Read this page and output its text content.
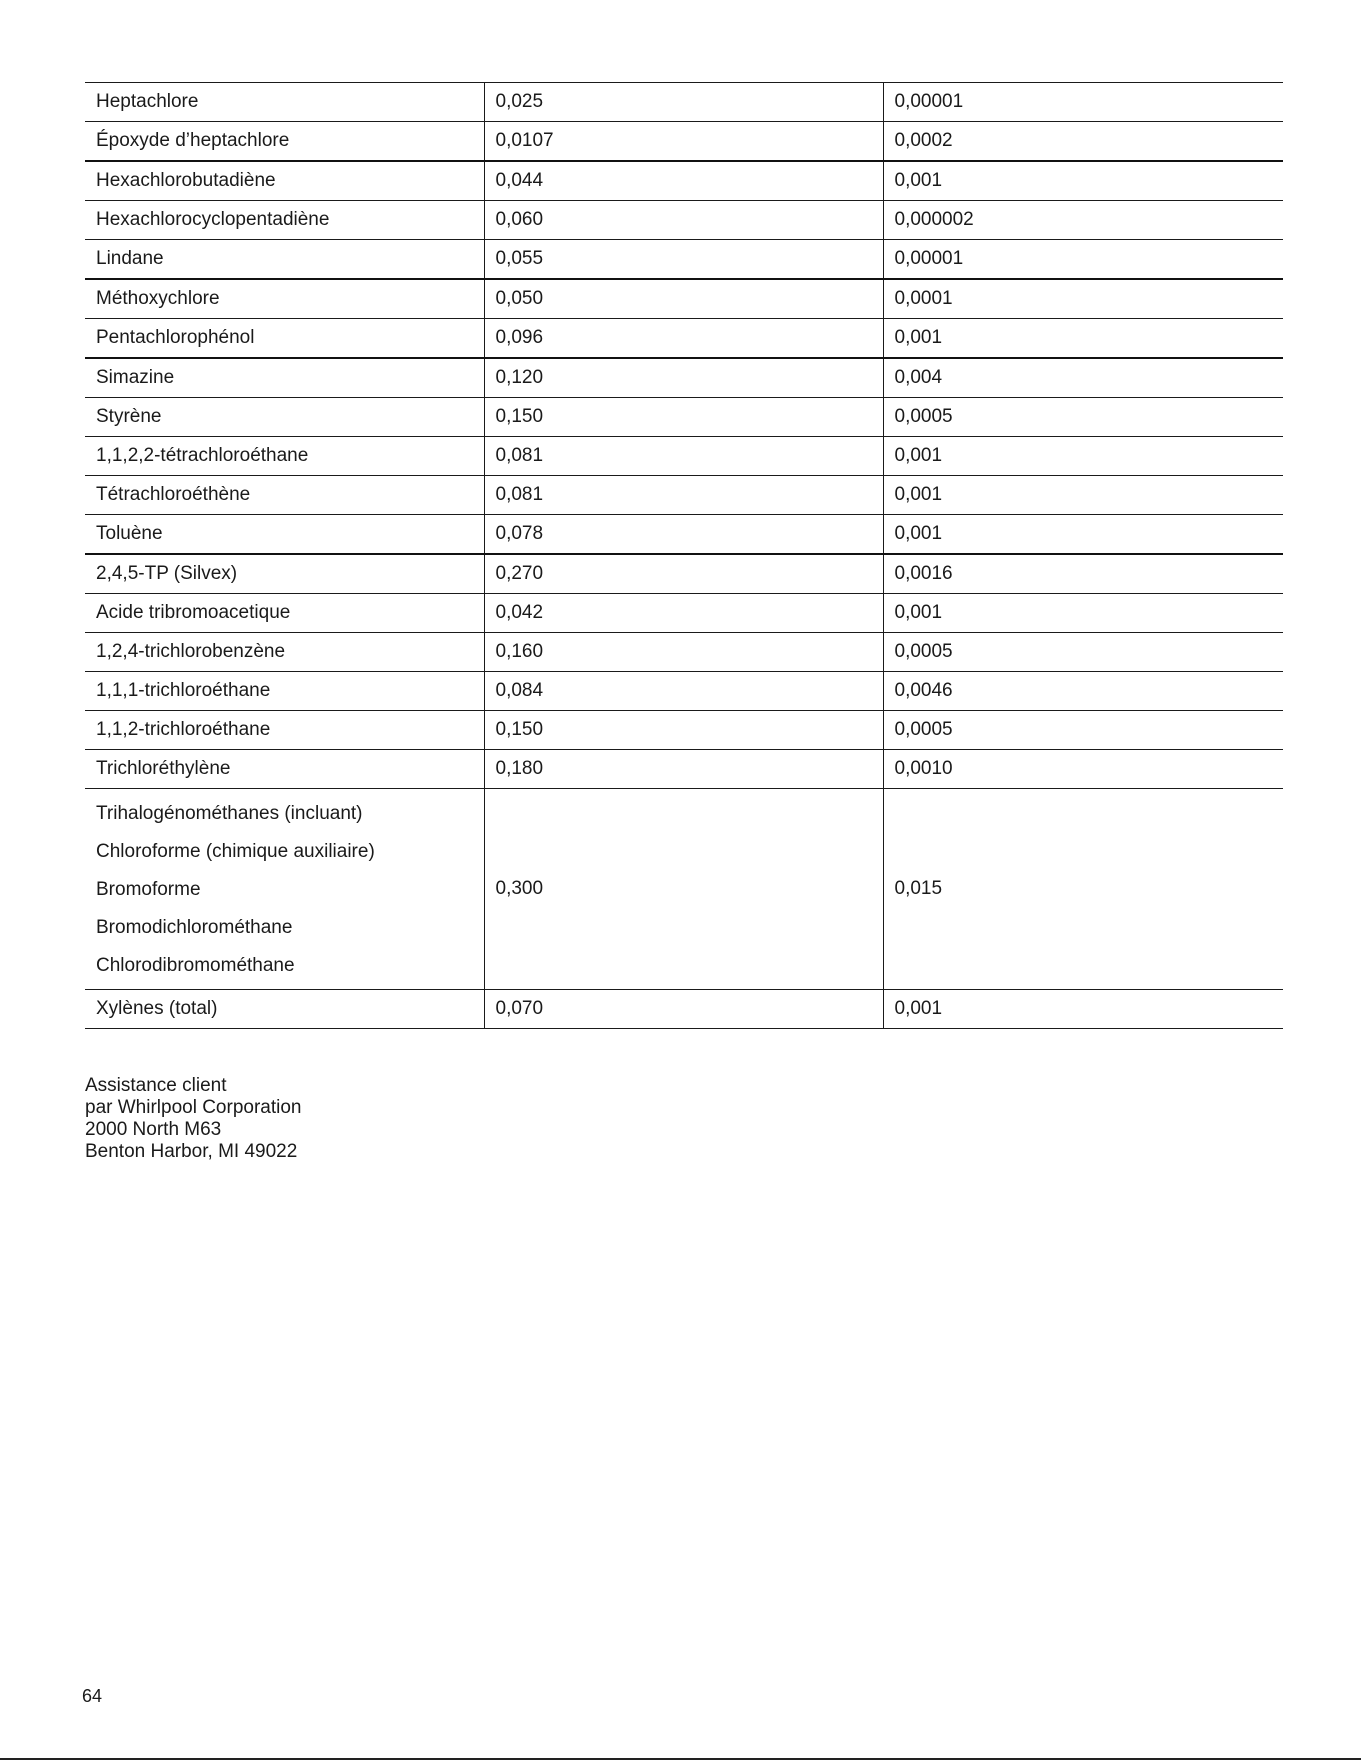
Heptachlore	0,025	0,00001
Époxyde d’heptachlore	0,0107	0,0002
Hexachlorobutadiène	0,044	0,001
Hexachlorocyclopentadiène	0,060	0,000002
Lindane	0,055	0,00001
Méthoxychlore	0,050	0,0001
Pentachlorophénol	0,096	0,001
Simazine	0,120	0,004
Styrène	0,150	0,0005
1,1,2,2-tétrachloroéthane	0,081	0,001
Tétrachloroéthène	0,081	0,001
Toluène	0,078	0,001
2,4,5-TP (Silvex)	0,270	0,0016
Acide tribromoacetique	0,042	0,001
1,2,4-trichlorobenzène	0,160	0,0005
1,1,1-trichloroéthane	0,084	0,0046
1,1,2-trichloroéthane	0,150	0,0005
Trichloréthylène	0,180	0,0010

Trihalogénométhanes (incluant)
Chloroforme (chimique auxiliaire)
Bromoforme
Bromodichlorométhane
Chlorodibromométhane	0,300	0,015
Xylènes (total)	0,070	0,001
Assistance client
par Whirlpool Corporation
2000 North M63
Benton Harbor, MI 49022
64
